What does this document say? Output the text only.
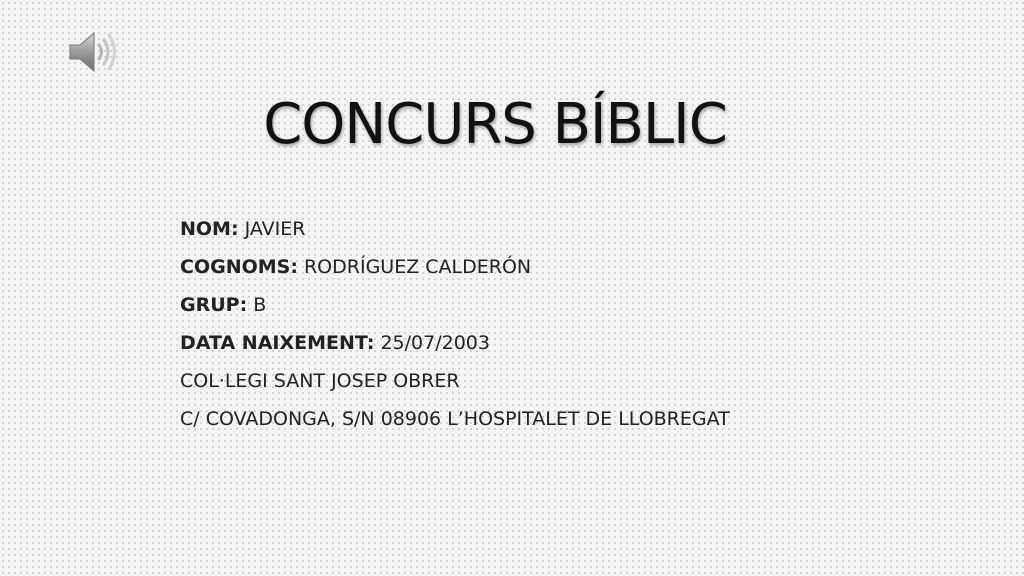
CONCURS BÍBLIC
NOM: JAVIER
COGNOMS: RODRÍGUEZ CALDERÓN
GRUP: B
DATA NAIXEMENT: 25/07/2003
COL·LEGI SANT JOSEP OBRER
C/ COVADONGA, S/N 08906 L’HOSPITALET DE LLOBREGAT
